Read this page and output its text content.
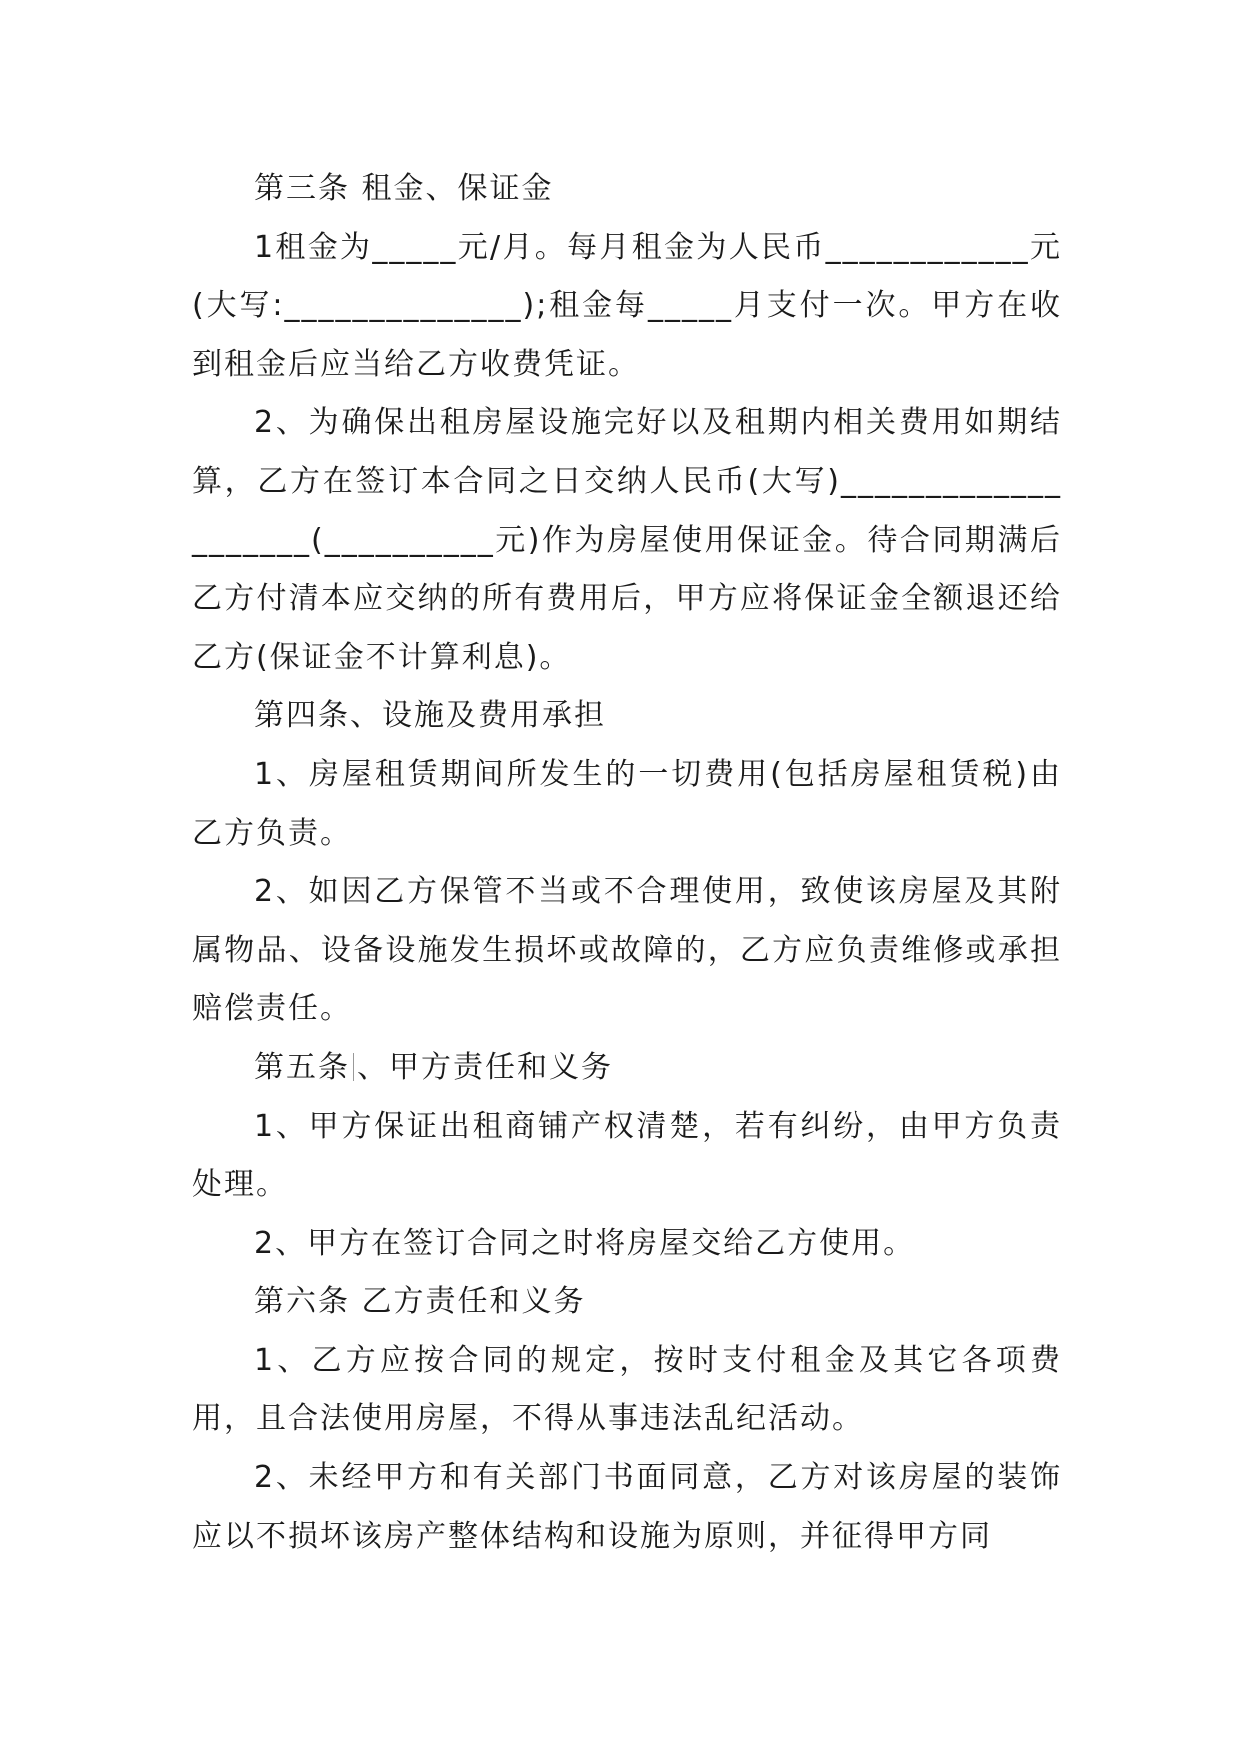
第三条 租金、保证金

1租金为_____元/月。每月租金为人民币____________元(大写:______________);租金每_____月支付一次。甲方在收到租金后应当给乙方收费凭证。

2、为确保出租房屋设施完好以及租期内相关费用如期结算，乙方在签订本合同之日交纳人民币(大写)____________________(__________元)作为房屋使用保证金。待合同期满后乙方付清本应交纳的所有费用后，甲方应将保证金全额退还给乙方(保证金不计算利息)。

第四条、设施及费用承担

1、房屋租赁期间所发生的一切费用(包括房屋租赁税)由乙方负责。

2、如因乙方保管不当或不合理使用，致使该房屋及其附属物品、设备设施发生损坏或故障的，乙方应负责维修或承担赔偿责任。

第五条 、甲方责任和义务

1、甲方保证出租商铺产权清楚，若有纠纷，由甲方负责处理。

2、甲方在签订合同之时将房屋交给乙方使用。

第六条 乙方责任和义务

1、乙方应按合同的规定，按时支付租金及其它各项费用，且合法使用房屋，不得从事违法乱纪活动。

2、未经甲方和有关部门书面同意，乙方对该房屋的装饰应以不损坏该房产整体结构和设施为原则，并征得甲方同
